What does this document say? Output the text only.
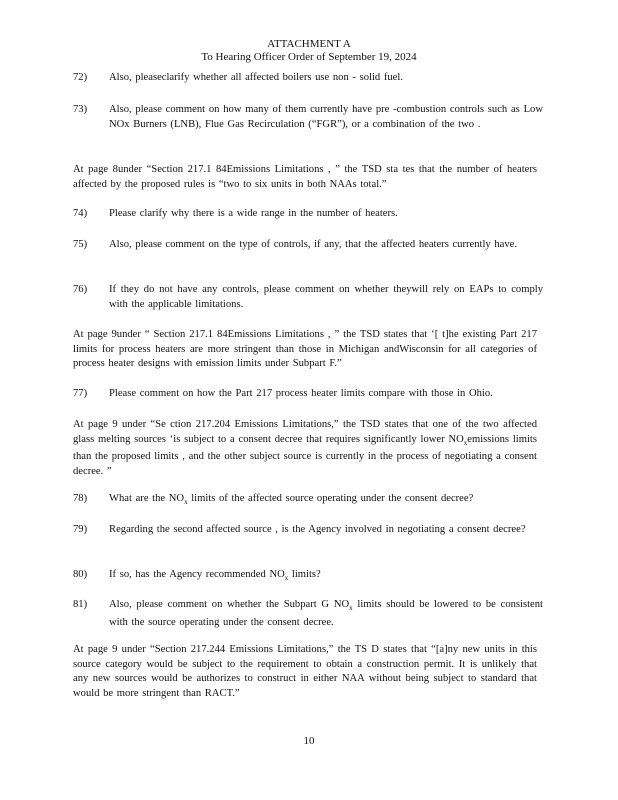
ATTACHMENT A
To Hearing Officer Order of September 19, 2024
72) Also, pleaseclarify whether all affected boilers use non - solid fuel.
73) Also, please comment on how many of them currently have pre -combustion controls such as Low NOx Burners (LNB), Flue Gas Recirculation (“FGR”), or a combination of the two .
At page 8under “Section 217.1 84Emissions Limitations , ” the TSD sta tes that the number of heaters affected by the proposed rules is “two to six units in both NAAs total.”
74) Please clarify why there is a wide range in the number of heaters.
75) Also, please comment on the type of controls, if any, that the affected heaters currently have.
76) If they do not have any controls, please comment on whether theywill rely on EAPs to comply with the applicable limitations.
At page 9under “ Section 217.1 84Emissions Limitations , ” the TSD states that ‘[ t]he existing Part 217 limits for process heaters are more stringent than those in Michigan andWisconsin for all categories of process heater designs with emission limits under Subpart F.”
77) Please comment on how the Part 217 process heater limits compare with those in Ohio.
At page 9 under “Se ction 217.204 Emissions Limitations,” the TSD states that one of the two affected glass melting sources ‘is subject to a consent decree that requires significantly lower $NO_xemissions$ limits than the proposed limits , and the other subject source is currently in the process of negotiating a consent decree. ”
78) What are the $NO_x$ limits of the affected source operating under the consent decree?
79) Regarding the second affected source , is the Agency involved in negotiating a consent decree?
80) If so, has the Agency recommended $NO_x$ limits?
81) Also, please comment on whether the Subpart G $NO_x$ limits should be lowered to be consistent with the source operating under the consent decree.
At page 9 under “Section 217.244 Emissions Limitations,” the TS D states that “[a]ny new units in this source category would be subject to the requirement to obtain a construction permit. It is unlikely that any new sources would be authorizes to construct in either NAA without being subject to standard that would be more stringent than RACT.”
10
